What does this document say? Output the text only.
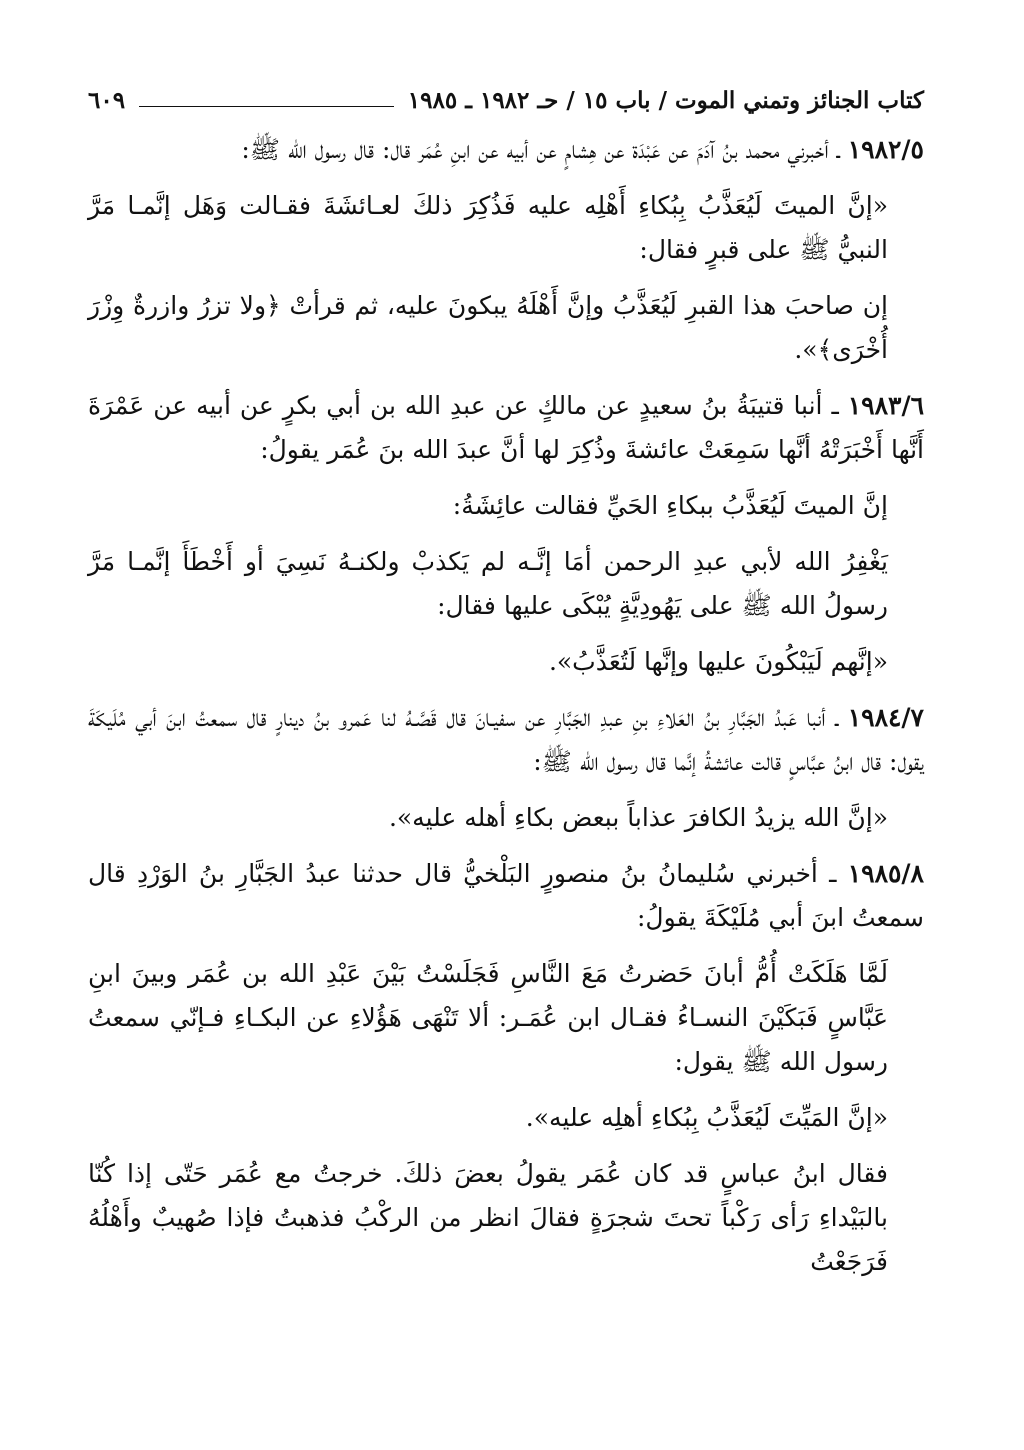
كتاب الجنائز وتمني الموت / باب ١٥ / حـ ١٩٨٢ ـ ١٩٨٥
٦٠٩

١٩٨٢/٥ ـ أخبرني محمد بنُ آدَمَ عن عَبْدَة عن هِشامٍ عن أبيه عن ابنِ عُمَر قال: قال رسول الله ﷺ:

«إنَّ الميتَ لَيُعَذَّبُ بِبُكاءِ أَهْلِه عليه فَذُكِرَ ذلكَ لعـائشَةَ فقـالت وَهَل إنَّمـا مَرَّ النبيُّ ﷺ على قبرٍ فقال:

إن صاحبَ هذا القبرِ لَيُعَذَّبُ وإنَّ أَهْلَهُ يبكونَ عليه، ثم قرأتْ ﴿ولا تزرُ وازرةٌ وِزْرَ أُخْرَى﴾».

١٩٨٣/٦ ـ أنبا قتيبَةُ بنُ سعيدٍ عن مالكٍ عن عبدِ الله بن أبي بكرٍ عن أبيه عن عَمْرَةَ أَنَّها أَخْبَرَتْهُ أنَّها سَمِعَتْ عائشةَ وذُكِرَ لها أنَّ عبدَ الله بنَ عُمَر يقولُ:

إنَّ الميتَ لَيُعَذَّبُ ببكاءِ الحَيِّ فقالت عائِشَةُ:

يَغْفِرُ الله لأبي عبدِ الرحمن أمَا إنَّـه لم يَكذبْ ولكنـهُ نَسِيَ أو أَخْطَأَ إنَّمـا مَرَّ رسولُ الله ﷺ على يَهُودِيَّةٍ يُبْكَى عليها فقال:

«إنَّهم لَيَبْكُونَ عليها وإنَّها لَتُعَذَّبُ».

١٩٨٤/٧ ـ أنبا عَبدُ الجَبَّارِ بنُ العَلاءِ بنِ عبدِ الجَبَّارِ عن سفيـانَ قال قَصَّـهُ لنا عَمرو بنُ دينارٍ قال سمعتُ ابنَ أبي مُلَيكَةَ يقول: قال ابنُ عبَّاسٍ قالت عائشةُ إنَّما قال رسول الله ﷺ:

«إنَّ الله يزيدُ الكافرَ عذاباً ببعض بكاءِ أهله عليه».

١٩٨٥/٨ ـ أخبرني سُليمانُ بنُ منصورٍ البَلْخيُّ قال حدثنا عبدُ الجَبَّارِ بنُ الوَرْدِ قال سمعتُ ابنَ أبي مُلَيْكَةَ يقولُ:

لَمَّا هَلَكَتْ أُمُّ أبانَ حَضرتُ مَعَ النَّاسِ فَجَلَسْتُ بَيْنَ عَبْدِ الله بن عُمَر وبينَ ابنِ عَبَّاسٍ فَبَكَيْنَ النسـاءُ فقـال ابن عُمَـر: ألا تَنْهَى هَؤُلاءِ عن البكـاءِ فـإنّي سمعتُ رسول الله ﷺ يقول:

«إنَّ المَيِّتَ لَيُعَذَّبُ بِبُكاءِ أهلِه عليه».

فقال ابنُ عباسٍ قد كان عُمَر يقولُ بعضَ ذلكَ. خرجتُ مع عُمَر حَتّى إذا كُنّا بالبَيْداءِ رَأى رَكْباً تحتَ شجرَةٍ فقالَ انظر من الركْبُ فذهبتُ فإذا صُهيبٌ وأَهْلُهُ فَرَجَعْتُ
